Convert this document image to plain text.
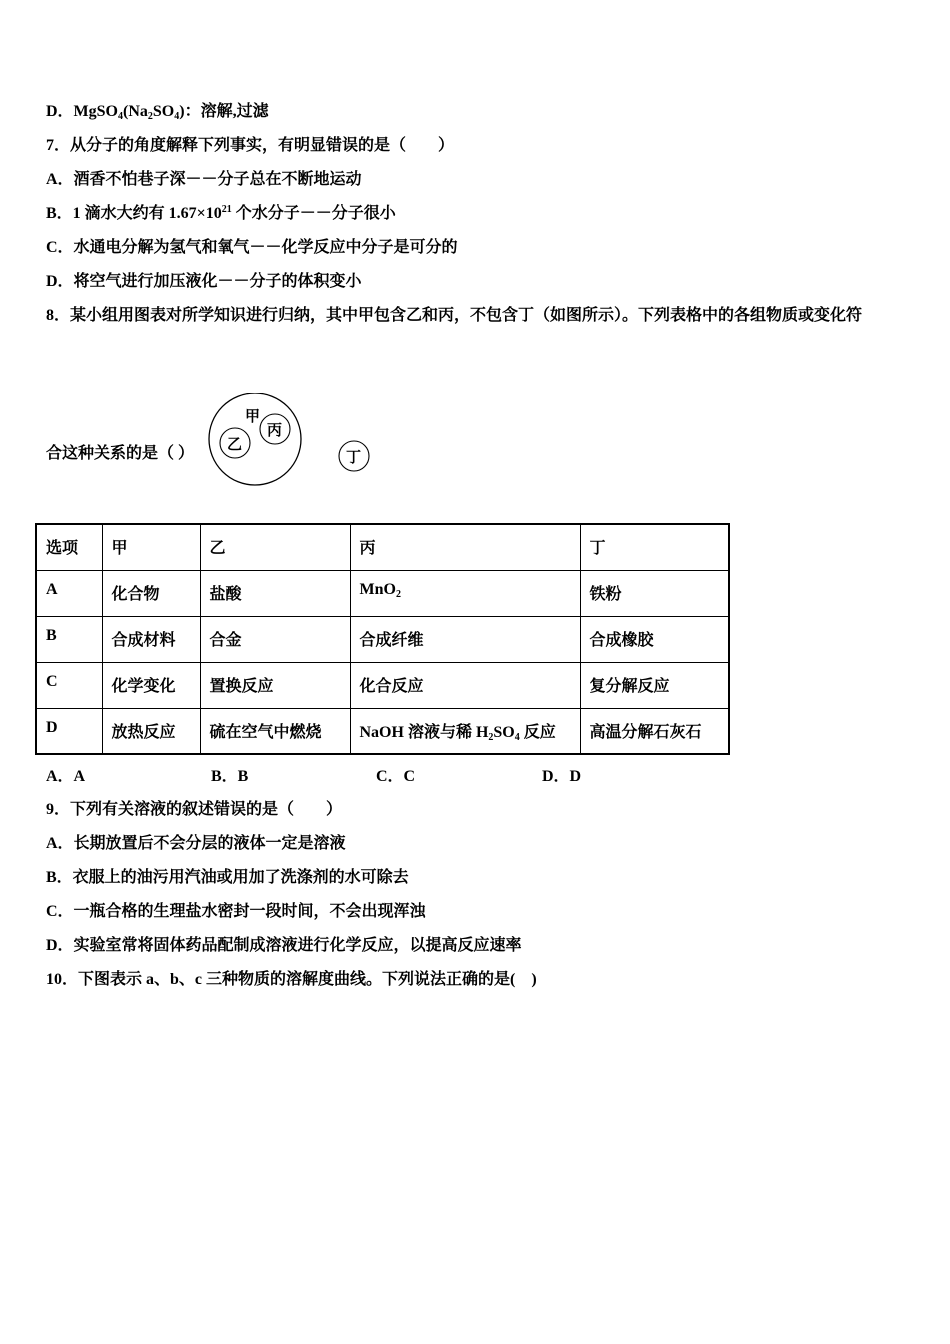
D．$MgSO_4(Na_2SO_4)$：溶解,过滤
7．从分子的角度解释下列事实，有明显错误的是（　　）
A．酒香不怕巷子深－－分子总在不断地运动
B．1 滴水大约有 $1.67\times 10^{21}$ 个水分子－－分子很小
C．水通电分解为氢气和氧气－－化学反应中分子是可分的
D．将空气进行加压液化－－分子的体积变小
8．某小组用图表对所学知识进行归纳，其中甲包含乙和丙，不包含丁（如图所示）。下列表格中的各组物质或变化符
合这种关系的是（ ）
甲
乙
丙
丁
选项	甲	乙	丙	丁
A	化合物	盐酸	MnO$_2$	铁粉
B	合成材料	合金	合成纤维	合成橡胶
C	化学变化	置换反应	化合反应	复分解反应
D	放热反应	硫在空气中燃烧	NaOH 溶液与稀 $H_2SO_4$ 反应	高温分解石灰石
A．A	B．B	C．C	D．D
9．下列有关溶液的叙述错误的是（　　）
A．长期放置后不会分层的液体一定是溶液
B．衣服上的油污用汽油或用加了洗涤剂的水可除去
C．一瓶合格的生理盐水密封一段时间，不会出现浑浊
D．实验室常将固体药品配制成溶液进行化学反应，以提高反应速率
10．下图表示 a、b、c 三种物质的溶解度曲线。下列说法正确的是(　)
